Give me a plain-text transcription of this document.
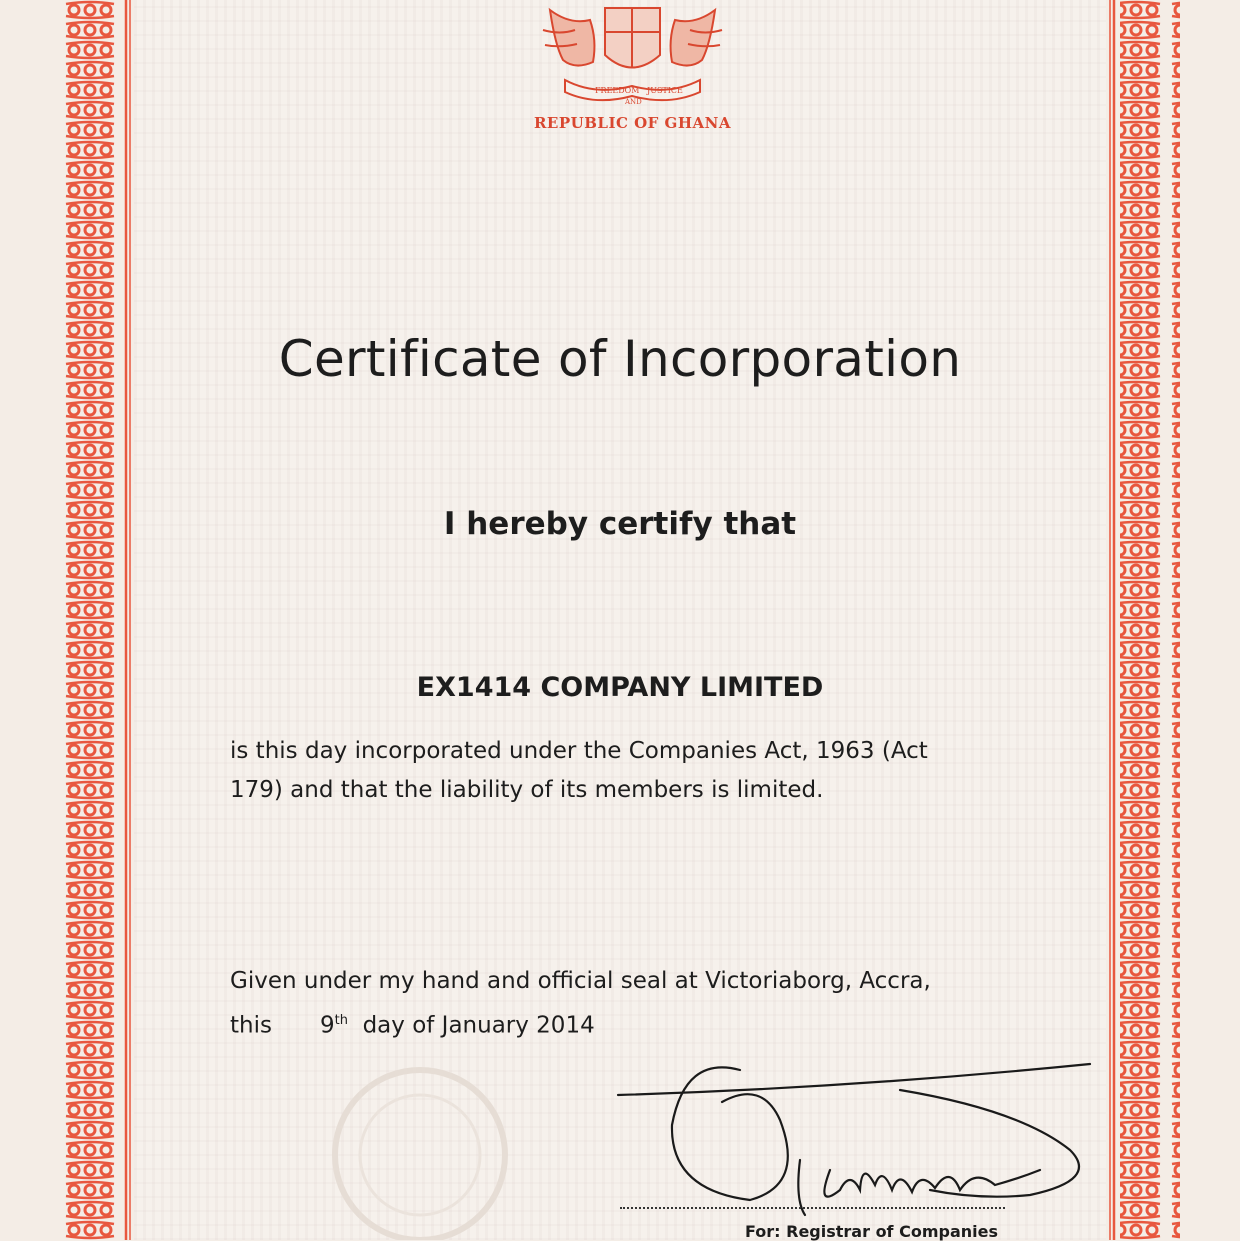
FREEDOM
AND
JUSTICE
REPUBLIC OF GHANA
Certificate of Incorporation
I hereby certify that
EX1414 COMPANY LIMITED
is this day incorporated under the Companies Act, 1963 (Act
179) and that the liability of its members is limited.
Given under my hand and official seal at Victoriaborg, Accra,
this 9th day of January 2014
For: Registrar of Companies
